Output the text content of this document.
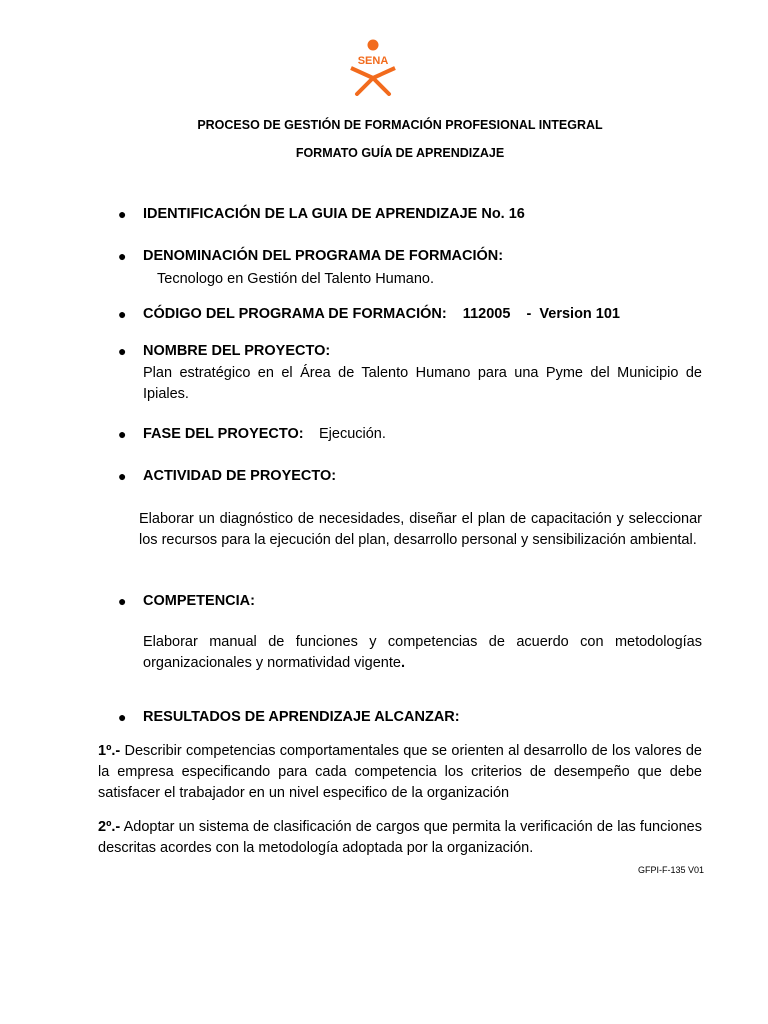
SENA
PROCESO DE GESTIÓN DE FORMACIÓN PROFESIONAL INTEGRAL
FORMATO GUÍA DE APRENDIZAJE
● IDENTIFICACIÓN DE LA GUIA DE APRENDIZAJE No. 16
● DENOMINACIÓN DEL PROGRAMA DE FORMACIÓN:
Tecnologo en Gestión del Talento Humano.
● CÓDIGO DEL PROGRAMA DE FORMACIÓN:    112005    -  Version 101
● NOMBRE DEL PROYECTO:
Plan estratégico en el Área de Talento Humano para una Pyme del Municipio de Ipiales.
● FASE DEL PROYECTO: Ejecución.
● ACTIVIDAD DE PROYECTO:
Elaborar un diagnóstico de necesidades, diseñar el plan de capacitación y seleccionar los recursos para la ejecución del plan, desarrollo personal y sensibilización ambiental.
● COMPETENCIA:
Elaborar manual de funciones y competencias de acuerdo con metodologías organizacionales y normatividad vigente.
● RESULTADOS DE APRENDIZAJE ALCANZAR:
1º.- Describir competencias comportamentales que se orienten al desarrollo de los valores de la empresa especificando para cada competencia los criterios de desempeño que debe satisfacer el trabajador en un nivel especifico de la organización
2º.- Adoptar un sistema de clasificación de cargos que permita la verificación de las funciones descritas acordes con la metodología adoptada por la organización.
GFPI-F-135 V01
